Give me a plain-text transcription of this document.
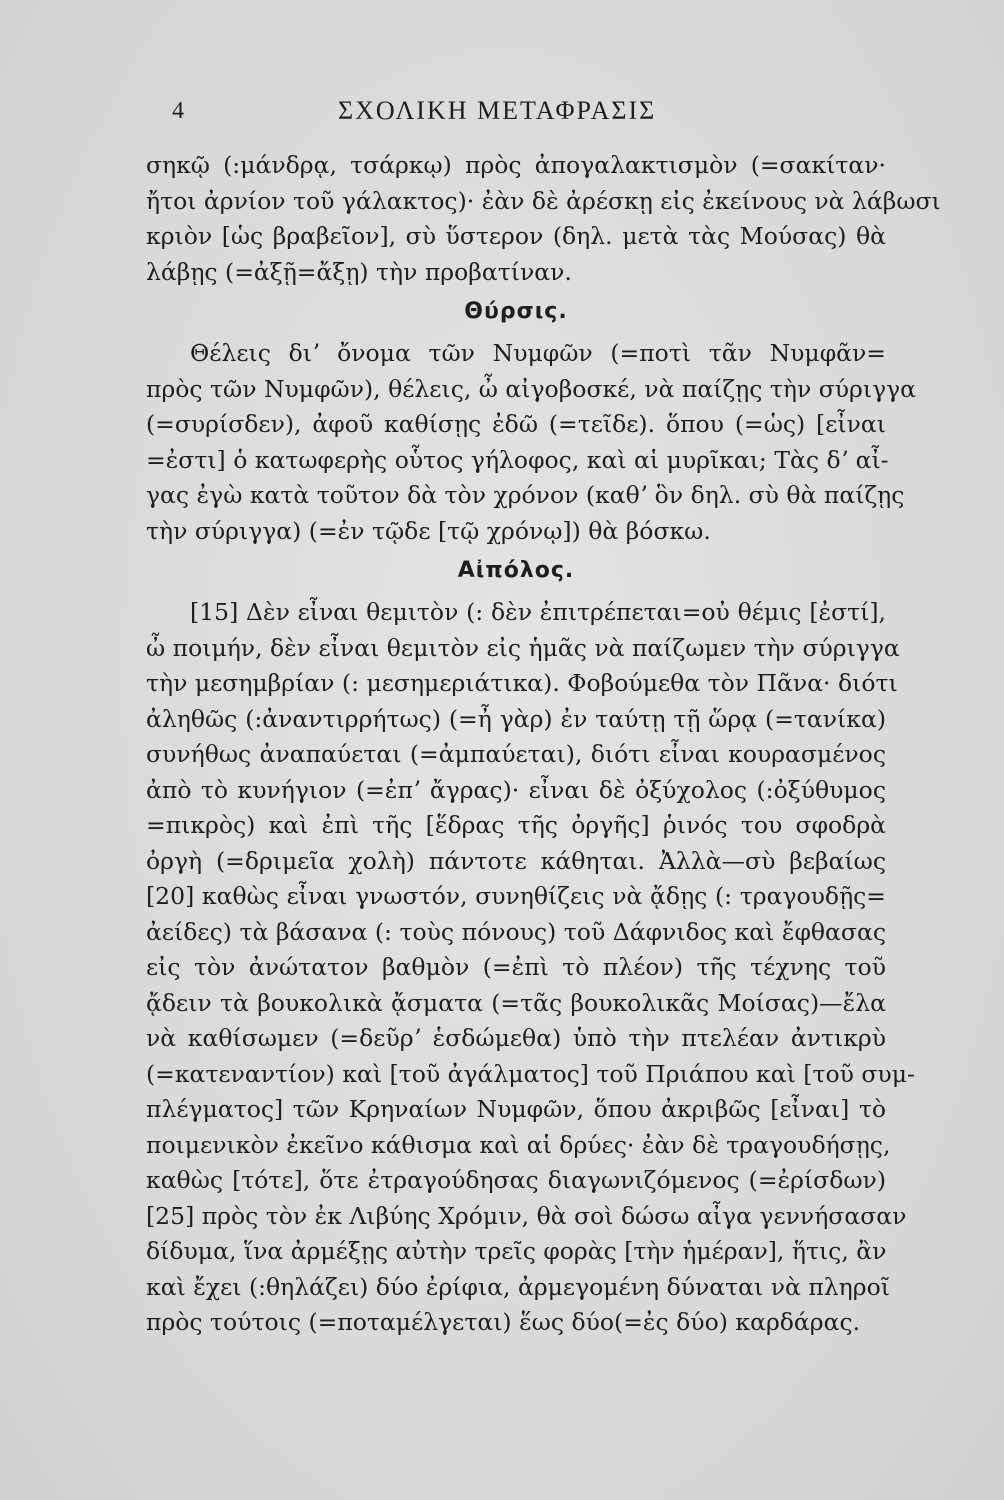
4	ΣΧΟΛΙΚΗ ΜΕΤΑΦΡΑΣΙΣ
σηκῷ (:μάνδρᾳ, τσάρκῳ) πρὸς ἀπογαλακτισμὸν (=σακίταν·
ἤτοι ἀρνίον τοῦ γάλακτος)· ἐὰν δὲ ἀρέσκῃ εἰς ἐκείνους νὰ λάβωσι
κριὸν [ὡς βραβεῖον], σὺ ὕστερον (δηλ. μετὰ τὰς Μούσας) θὰ
λάβῃς (=ἀξῇ=ἄξῃ) τὴν προβατίναν.
Θύρσις.
Θέλεις διʼ ὄνομα τῶν Νυμφῶν (=ποτὶ τᾶν Νυμφᾶν=
πρὸς τῶν Νυμφῶν), θέλεις, ὦ αἰγοβοσκέ, νὰ παίζῃς τὴν σύριγγα
(=συρίσδεν), ἀφοῦ καθίσῃς ἐδῶ (=τεῖδε). ὅπου (=ὡς) [εἶναι
=ἐστι] ὁ κατωφερὴς οὗτος γήλοφος, καὶ αἱ μυρῖκαι; Τὰς δʼ αἶ-
γας ἐγὼ κατὰ τοῦτον δὰ τὸν χρόνον (καθʼ ὃν δηλ. σὺ θὰ παίζῃς
τὴν σύριγγα) (=ἐν τῷδε [τῷ χρόνῳ]) θὰ βόσκω.
Αἰπόλος.
[15] Δὲν εἶναι θεμιτὸν (: δὲν ἐπιτρέπεται=οὐ θέμις [ἐστί],
ὦ ποιμήν, δὲν εἶναι θεμιτὸν εἰς ἡμᾶς νὰ παίζωμεν τὴν σύριγγα
τὴν μεσημβρίαν (: μεσημεριάτικα). Φοβούμεθα τὸν Πᾶνα· διότι
ἀληθῶς (:ἀναντιρρήτως) (=ἦ γὰρ) ἐν ταύτῃ τῇ ὥρᾳ (=τανίκα)
συνήθως ἀναπαύεται (=ἀμπαύεται), διότι εἶναι κουρασμένος
ἀπὸ τὸ κυνήγιον (=ἐπʼ ἄγρας)· εἶναι δὲ ὀξύχολος (:ὀξύθυμος
=πικρὸς) καὶ ἐπὶ τῆς [ἕδρας τῆς ὀργῆς] ῥινός του σφοδρὰ
ὀργὴ (=δριμεῖα χολὴ) πάντοτε κάθηται. Ἀλλὰ—σὺ βεβαίως
[20] καθὼς εἶναι γνωστόν, συνηθίζεις νὰ ᾄδῃς (: τραγουδῇς=
ἀείδες) τὰ βάσανα (: τοὺς πόνους) τοῦ Δάφνιδος καὶ ἔφθασας
εἰς τὸν ἀνώτατον βαθμὸν (=ἐπὶ τὸ πλέον) τῆς τέχνης τοῦ
ᾄδειν τὰ βουκολικὰ ᾄσματα (=τᾶς βουκολικᾶς Μοίσας)—ἔλα
νὰ καθίσωμεν (=δεῦρʼ ἑσδώμεθα) ὑπὸ τὴν πτελέαν ἀντικρὺ
(=κατεναντίον) καὶ [τοῦ ἀγάλματος] τοῦ Πριάπου καὶ [τοῦ συμ-
πλέγματος] τῶν Κρηναίων Νυμφῶν, ὅπου ἀκριβῶς [εἶναι] τὸ
ποιμενικὸν ἐκεῖνο κάθισμα καὶ αἱ δρύες· ἐὰν δὲ τραγουδήσῃς,
καθὼς [τότε], ὅτε ἐτραγούδησας διαγωνιζόμενος (=ἐρίσδων)
[25] πρὸς τὸν ἐκ Λιβύης Χρόμιν, θὰ σοὶ δώσω αἶγα γεννήσασαν
δίδυμα, ἵνα ἀρμέξῃς αὐτὴν τρεῖς φορὰς [τὴν ἡμέραν], ἥτις, ἂν
καὶ ἔχει (:θηλάζει) δύο ἐρίφια, ἀρμεγομένη δύναται νὰ πληροῖ
πρὸς τούτοις (=ποταμέλγεται) ἕως δύο(=ἐς δύο) καρδάρας.
